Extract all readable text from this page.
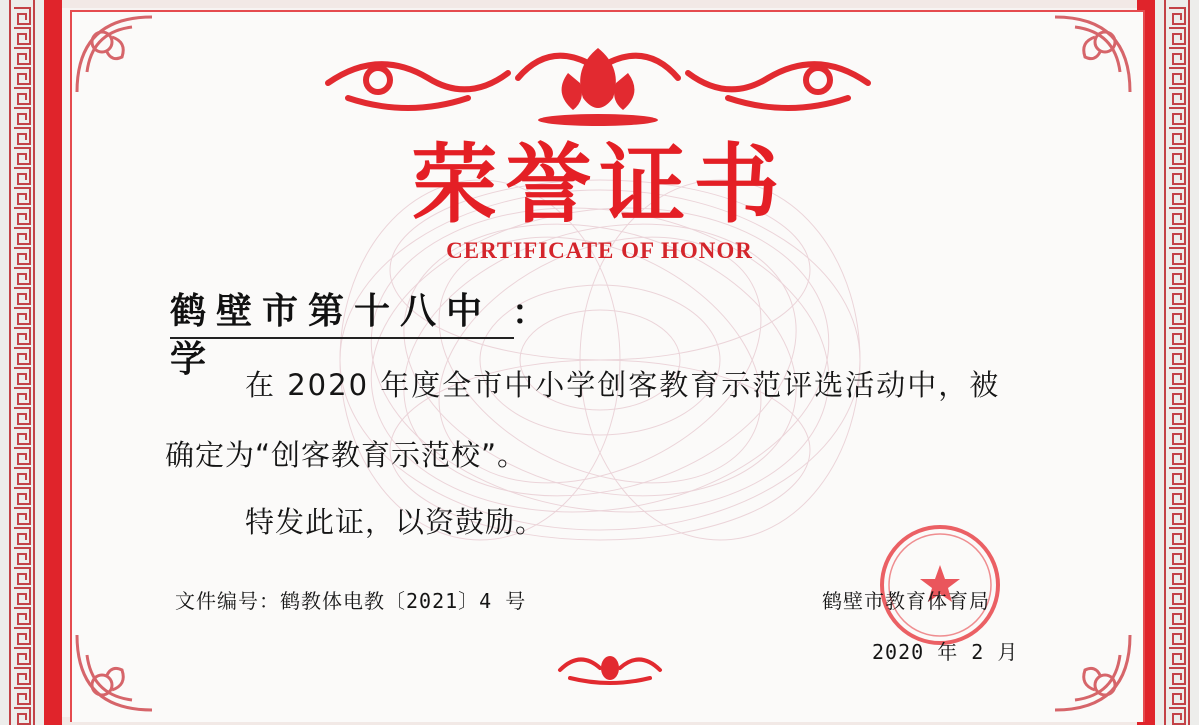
荣誉证书
CERTIFICATE OF HONOR
鹤壁市第十八中学
：
在 2020 年度全市中小学创客教育示范评选活动中，被
确定为“创客教育示范校”。
特发此证，以资鼓励。
文件编号：鹤教体电教〔2021〕4 号	鹤壁市教育体育局
2020 年 2 月
